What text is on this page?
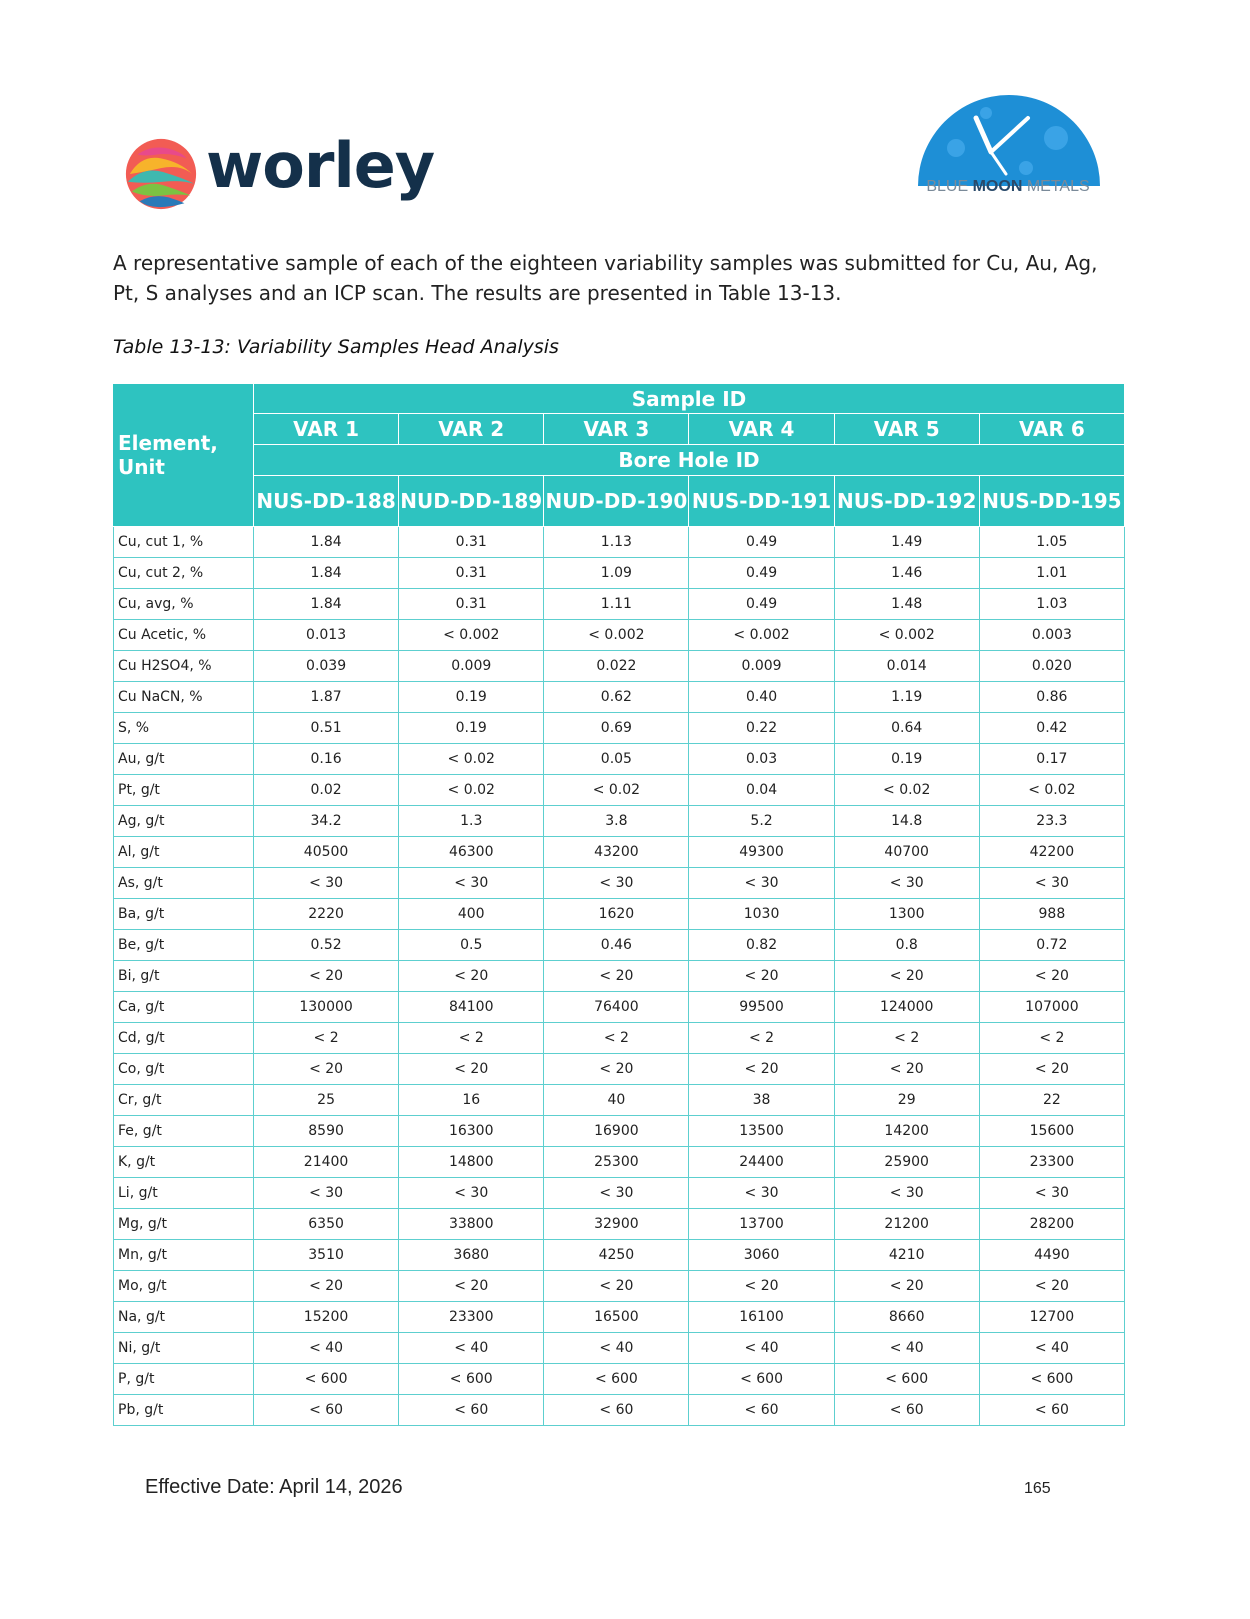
worley	BLUE MOON METALS
A representative sample of each of the eighteen variability samples was submitted for Cu, Au, Ag, Pt, S analyses and an ICP scan. The results are presented in Table 13-13.
Table 13-13: Variability Samples Head Analysis
Element, Unit	Sample ID					
	VAR 1	VAR 2	VAR 3	VAR 4	VAR 5	VAR 6
	Bore Hole ID					
	NUS-DD-188	NUD-DD-189	NUD-DD-190	NUS-DD-191	NUS-DD-192	NUS-DD-195
Cu, cut 1, %	1.84	0.31	1.13	0.49	1.49	1.05
Cu, cut 2, %	1.84	0.31	1.09	0.49	1.46	1.01
Cu, avg, %	1.84	0.31	1.11	0.49	1.48	1.03
Cu Acetic, %	0.013	< 0.002	< 0.002	< 0.002	< 0.002	0.003
Cu H2SO4, %	0.039	0.009	0.022	0.009	0.014	0.020
Cu NaCN, %	1.87	0.19	0.62	0.40	1.19	0.86
S, %	0.51	0.19	0.69	0.22	0.64	0.42
Au, g/t	0.16	< 0.02	0.05	0.03	0.19	0.17
Pt, g/t	0.02	< 0.02	< 0.02	0.04	< 0.02	< 0.02
Ag, g/t	34.2	1.3	3.8	5.2	14.8	23.3
Al, g/t	40500	46300	43200	49300	40700	42200
As, g/t	< 30	< 30	< 30	< 30	< 30	< 30
Ba, g/t	2220	400	1620	1030	1300	988
Be, g/t	0.52	0.5	0.46	0.82	0.8	0.72
Bi, g/t	< 20	< 20	< 20	< 20	< 20	< 20
Ca, g/t	130000	84100	76400	99500	124000	107000
Cd, g/t	< 2	< 2	< 2	< 2	< 2	< 2
Co, g/t	< 20	< 20	< 20	< 20	< 20	< 20
Cr, g/t	25	16	40	38	29	22
Fe, g/t	8590	16300	16900	13500	14200	15600
K, g/t	21400	14800	25300	24400	25900	23300
Li, g/t	< 30	< 30	< 30	< 30	< 30	< 30
Mg, g/t	6350	33800	32900	13700	21200	28200
Mn, g/t	3510	3680	4250	3060	4210	4490
Mo, g/t	< 20	< 20	< 20	< 20	< 20	< 20
Na, g/t	15200	23300	16500	16100	8660	12700
Ni, g/t	< 40	< 40	< 40	< 40	< 40	< 40
P, g/t	< 600	< 600	< 600	< 600	< 600	< 600
Pb, g/t	< 60	< 60	< 60	< 60	< 60	< 60
Effective Date: April 14, 2026	165
